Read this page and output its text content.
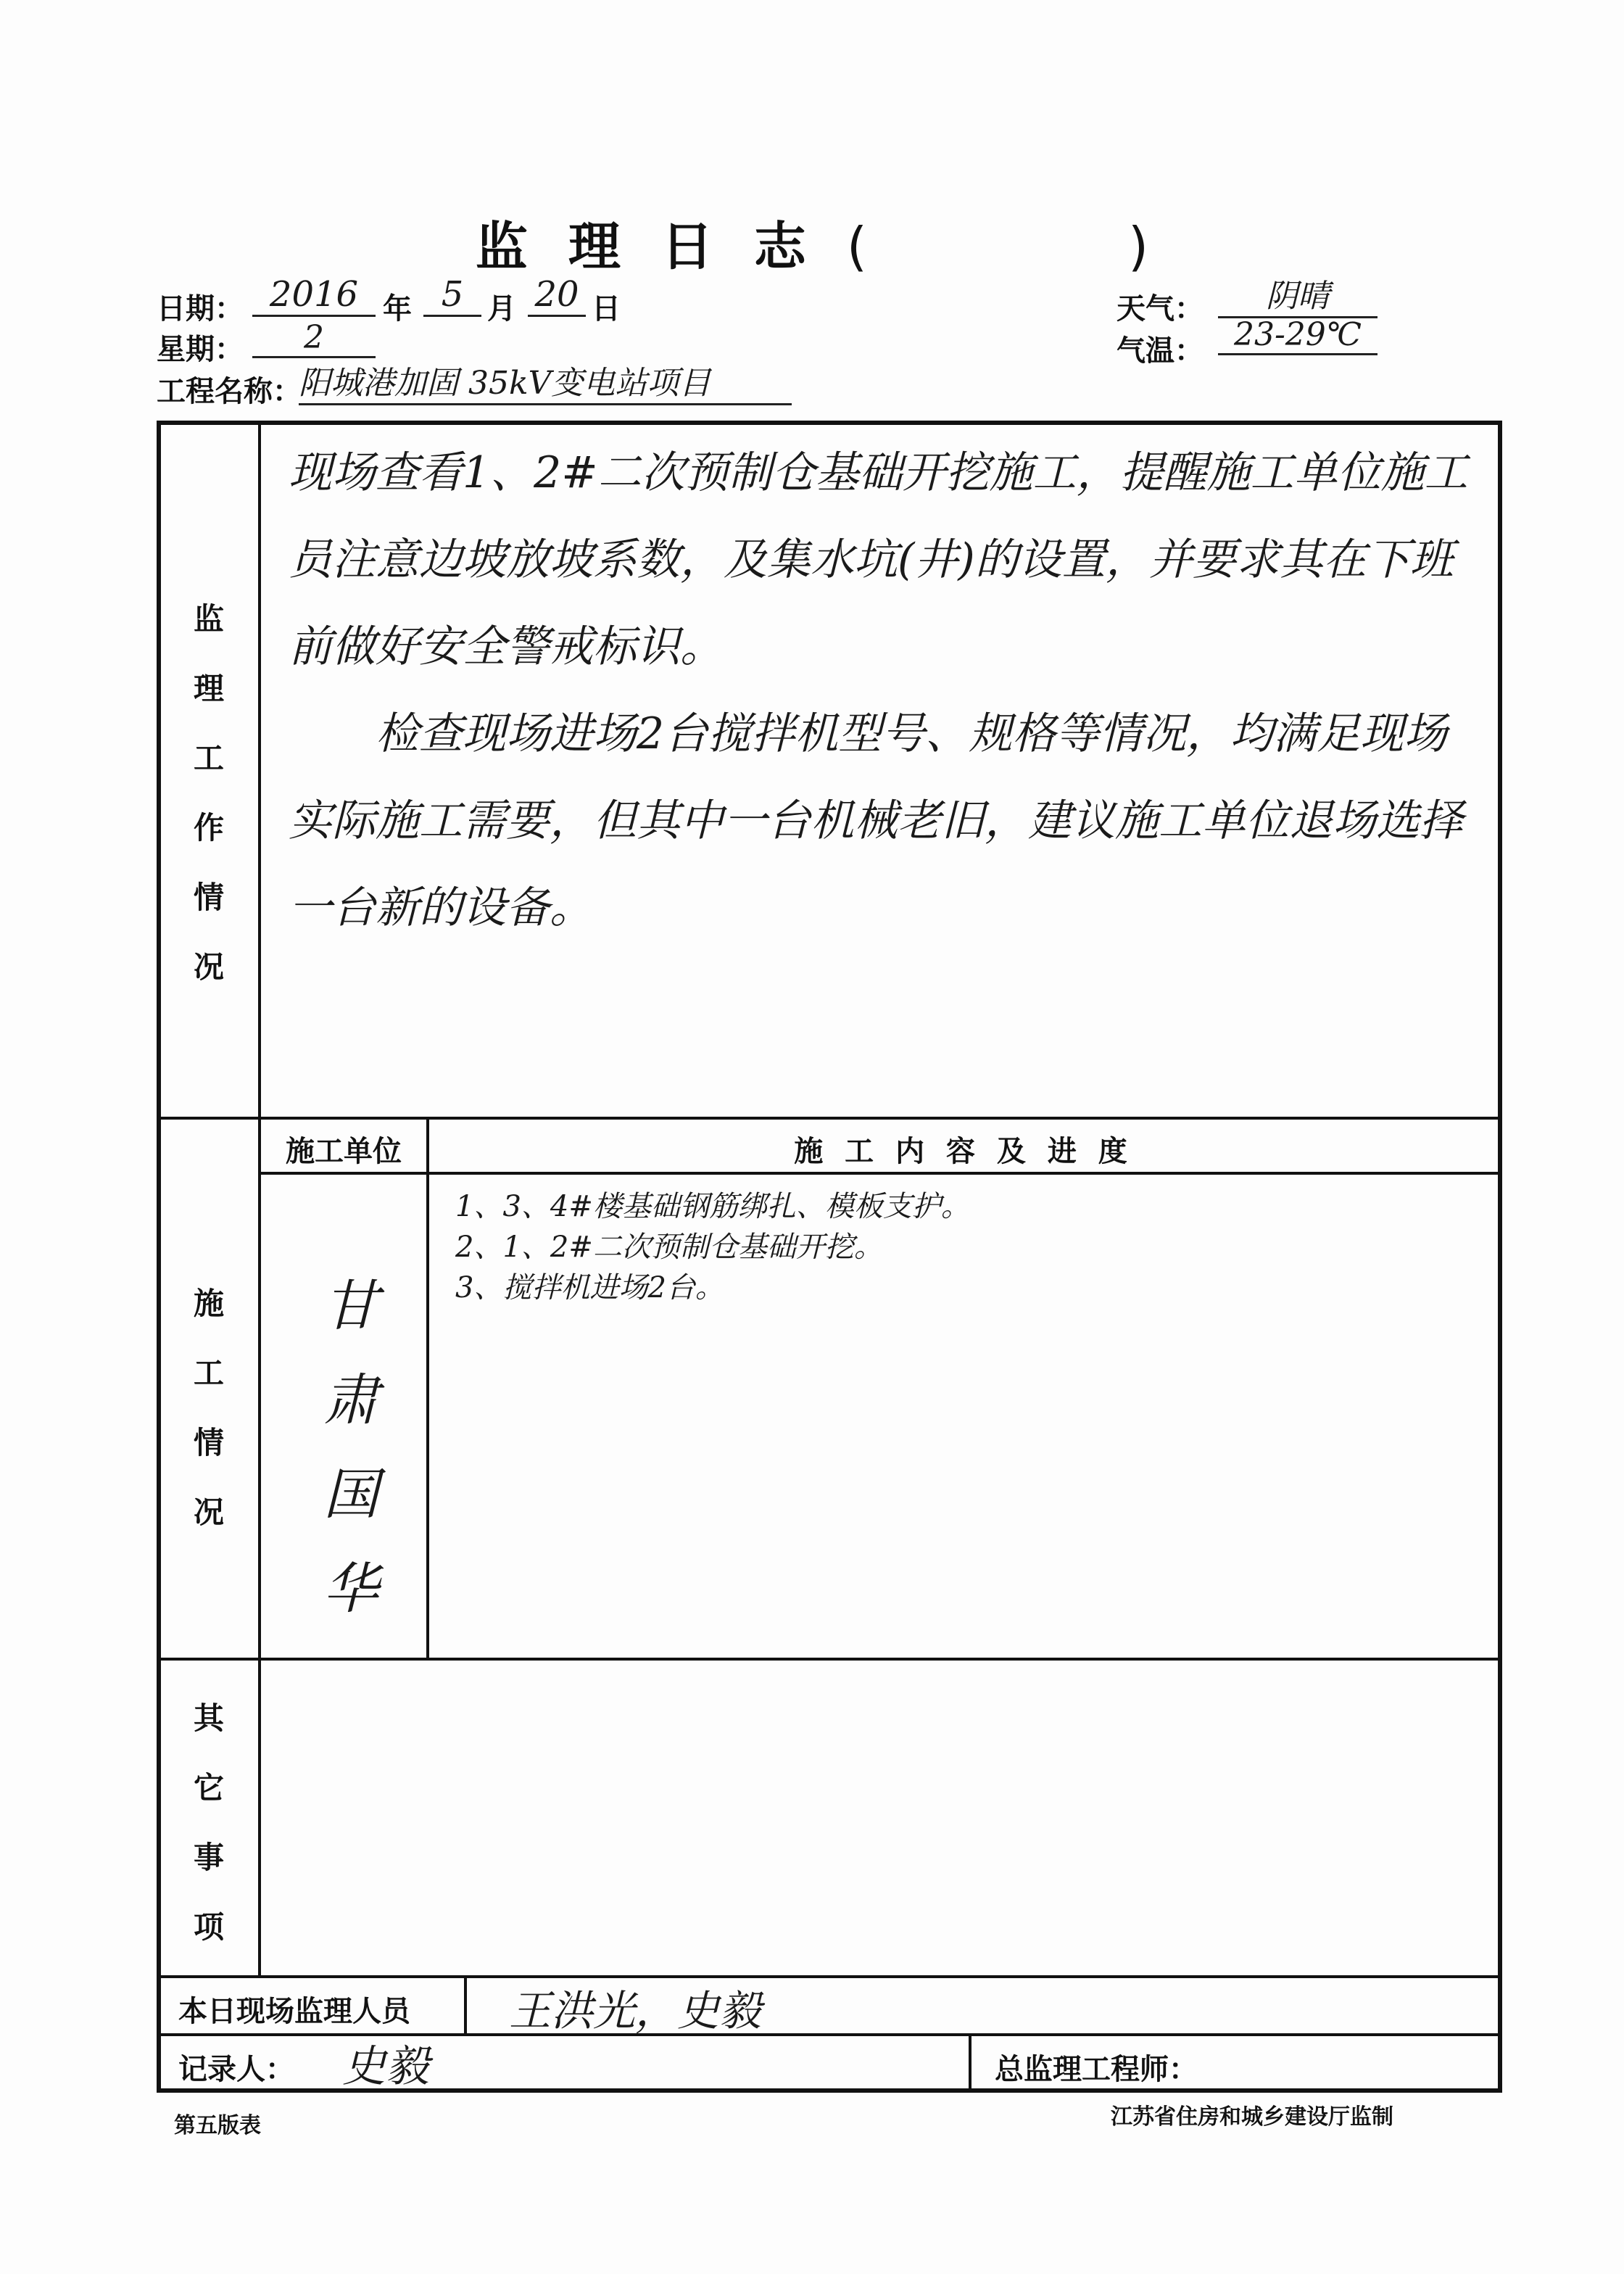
监理日志(　　　　　)
日期： 2016 年 5 月 20 日
星期：	2
工程名称：
阳城港加固 35kV变电站项目
天气：	阴晴
气温： 23-29℃
监
理
工
作
情
况
现场查看1、2#二次预制仓基础开挖施工，提醒施工单位施工员注意边坡放坡系数，及集水坑(井)的设置，并要求其在下班前做好安全警戒标识。
　　检查现场进场2台搅拌机型号、规格等情况，均满足现场实际施工需要，但其中一台机械老旧，建议施工单位退场选择一台新的设备。
施
工
情
况
施工单位	施 工 内 容 及 进 度
甘肃国华
1、3、4#楼基础钢筋绑扎、模板支护。
2、1、2#二次预制仓基础开挖。
3、搅拌机进场2台。
其
它
事
项
本日现场监理人员 王洪光，史毅
记录人： 史毅	总监理工程师：
第五版表	江苏省住房和城乡建设厅监制
